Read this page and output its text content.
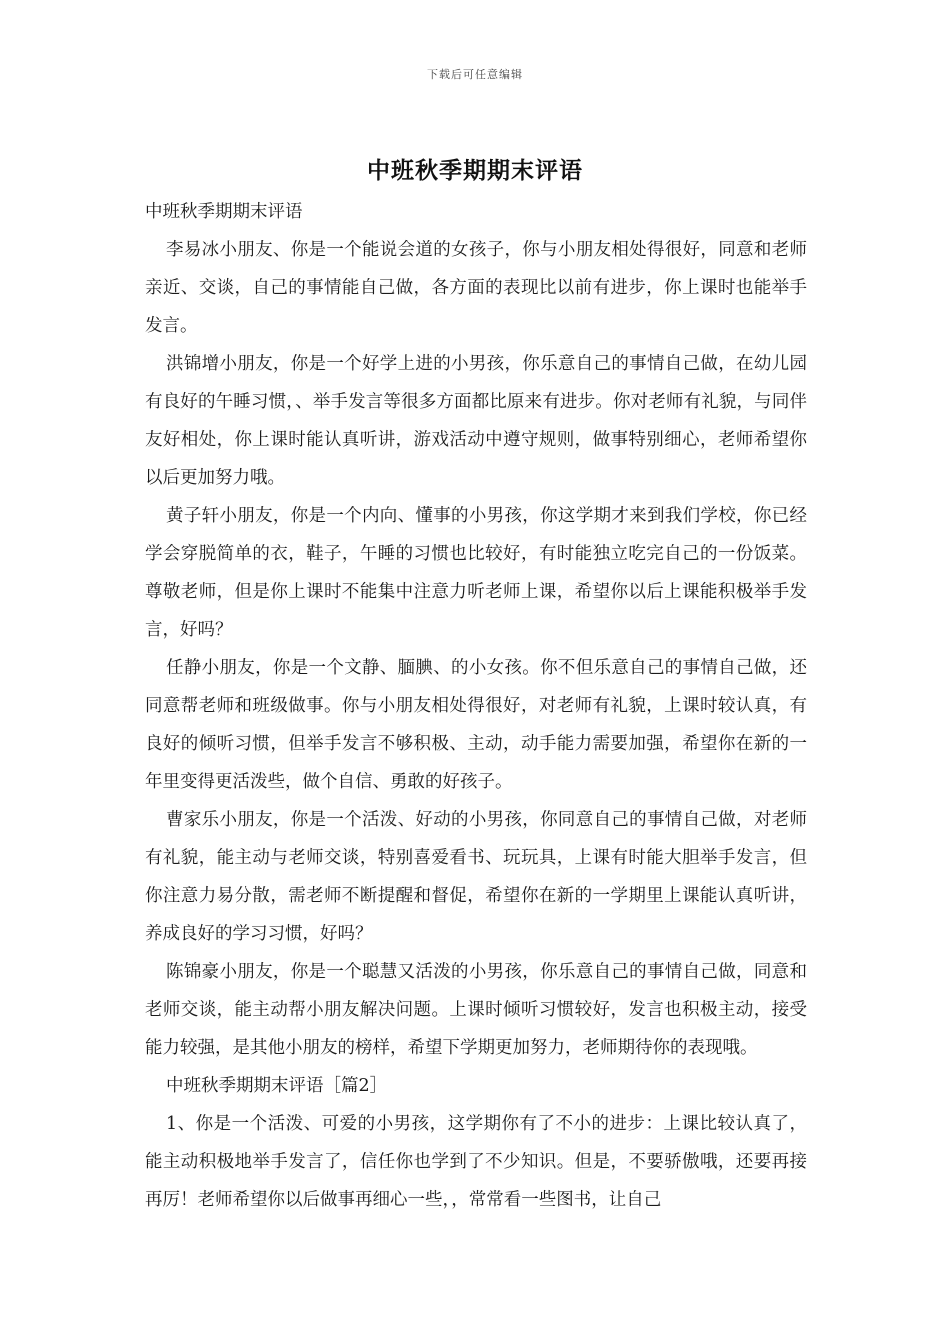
下载后可任意编辑
中班秋季期期末评语

中班秋季期期末评语

李易冰小朋友、你是一个能说会道的女孩子，你与小朋友相处得很好，同意和老师亲近、交谈，自己的事情能自己做，各方面的表现比以前有进步，你上课时也能举手发言。

洪锦增小朋友，你是一个好学上进的小男孩，你乐意自己的事情自己做，在幼儿园有良好的午睡习惯，、举手发言等很多方面都比原来有进步。你对老师有礼貌，与同伴友好相处，你上课时能认真听讲，游戏活动中遵守规则，做事特别细心，老师希望你以后更加努力哦。

黄子轩小朋友，你是一个内向、懂事的小男孩，你这学期才来到我们学校，你已经学会穿脱简单的衣，鞋子，午睡的习惯也比较好，有时能独立吃完自己的一份饭菜。尊敬老师，但是你上课时不能集中注意力听老师上课，希望你以后上课能积极举手发言，好吗？

任静小朋友，你是一个文静、腼腆、的小女孩。你不但乐意自己的事情自己做，还同意帮老师和班级做事。你与小朋友相处得很好，对老师有礼貌，上课时较认真，有良好的倾听习惯，但举手发言不够积极、主动，动手能力需要加强，希望你在新的一年里变得更活泼些，做个自信、勇敢的好孩子。

曹家乐小朋友，你是一个活泼、好动的小男孩，你同意自己的事情自己做，对老师有礼貌，能主动与老师交谈，特别喜爱看书、玩玩具，上课有时能大胆举手发言，但你注意力易分散，需老师不断提醒和督促，希望你在新的一学期里上课能认真听讲，养成良好的学习习惯，好吗？

陈锦豪小朋友，你是一个聪慧又活泼的小男孩，你乐意自己的事情自己做，同意和老师交谈，能主动帮小朋友解决问题。上课时倾听习惯较好，发言也积极主动，接受能力较强，是其他小朋友的榜样，希望下学期更加努力，老师期待你的表现哦。

中班秋季期期末评语［篇2］

1、你是一个活泼、可爱的小男孩，这学期你有了不小的进步：上课比较认真了，能主动积极地举手发言了，信任你也学到了不少知识。但是，不要骄傲哦，还要再接再厉！老师希望你以后做事再细心一些，，常常看一些图书，让自己
